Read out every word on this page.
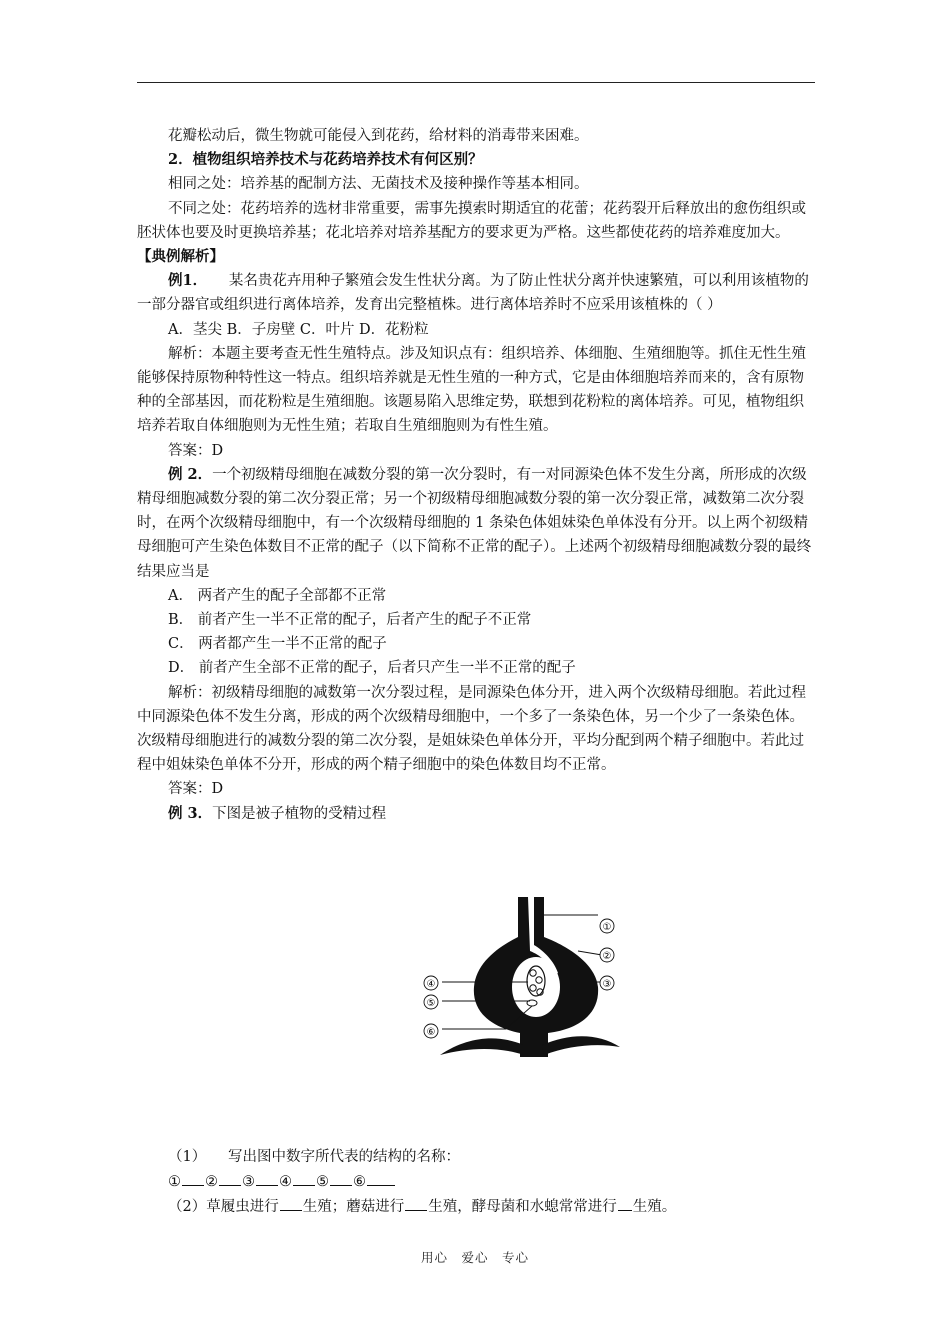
花瓣松动后，微生物就可能侵入到花药，给材料的消毒带来困难。

2．植物组织培养技术与花药培养技术有何区别？

相同之处：培养基的配制方法、无菌技术及接种操作等基本相同。

不同之处：花药培养的选材非常重要，需事先摸索时期适宜的花蕾；花药裂开后释放出的愈伤组织或胚状体也要及时更换培养基；花北培养对培养基配方的要求更为严格。这些都使花药的培养难度加大。

【典例解析】

例1．　　某名贵花卉用种子繁殖会发生性状分离。为了防止性状分离并快速繁殖，可以利用该植物的一部分器官或组织进行离体培养，发育出完整植株。进行离体培养时不应采用该植株的（ ）

A．茎尖 B．子房壁 C．叶片 D．花粉粒

解析：本题主要考查无性生殖特点。涉及知识点有：组织培养、体细胞、生殖细胞等。抓住无性生殖能够保持原物种特性这一特点。组织培养就是无性生殖的一种方式，它是由体细胞培养而来的，含有原物种的全部基因，而花粉粒是生殖细胞。该题易陷入思维定势，联想到花粉粒的离体培养。可见，植物组织培养若取自体细胞则为无性生殖；若取自生殖细胞则为有性生殖。

答案：D

例 2．一个初级精母细胞在减数分裂的第一次分裂时，有一对同源染色体不发生分离，所形成的次级精母细胞减数分裂的第二次分裂正常；另一个初级精母细胞减数分裂的第一次分裂正常，减数第二次分裂时，在两个次级精母细胞中，有一个次级精母细胞的 1 条染色体姐妹染色单体没有分开。以上两个初级精母细胞可产生染色体数目不正常的配子（以下简称不正常的配子）。上述两个初级精母细胞减数分裂的最终结果应当是

A． 两者产生的配子全部都不正常

B． 前者产生一半不正常的配子，后者产生的配子不正常

C． 两者都产生一半不正常的配子

D． 前者产生全部不正常的配子，后者只产生一半不正常的配子

解析：初级精母细胞的减数第一次分裂过程，是同源染色体分开，进入两个次级精母细胞。若此过程中同源染色体不发生分离，形成的两个次级精母细胞中，一个多了一条染色体，另一个少了一条染色体。次级精母细胞进行的减数分裂的第二次分裂，是姐妹染色单体分开，平均分配到两个精子细胞中。若此过程中姐妹染色单体不分开，形成的两个精子细胞中的染色体数目均不正常。

答案：D

例 3．下图是被子植物的受精过程

①
②
③
④
⑤
⑥

（1）　　 写出图中数字所代表的结构的名称：

① ② ③ ④ ⑤ ⑥

（2）草履虫进行 生殖；蘑菇进行 生殖，酵母菌和水螅常常进行 生殖。

用心　爱心　专心
